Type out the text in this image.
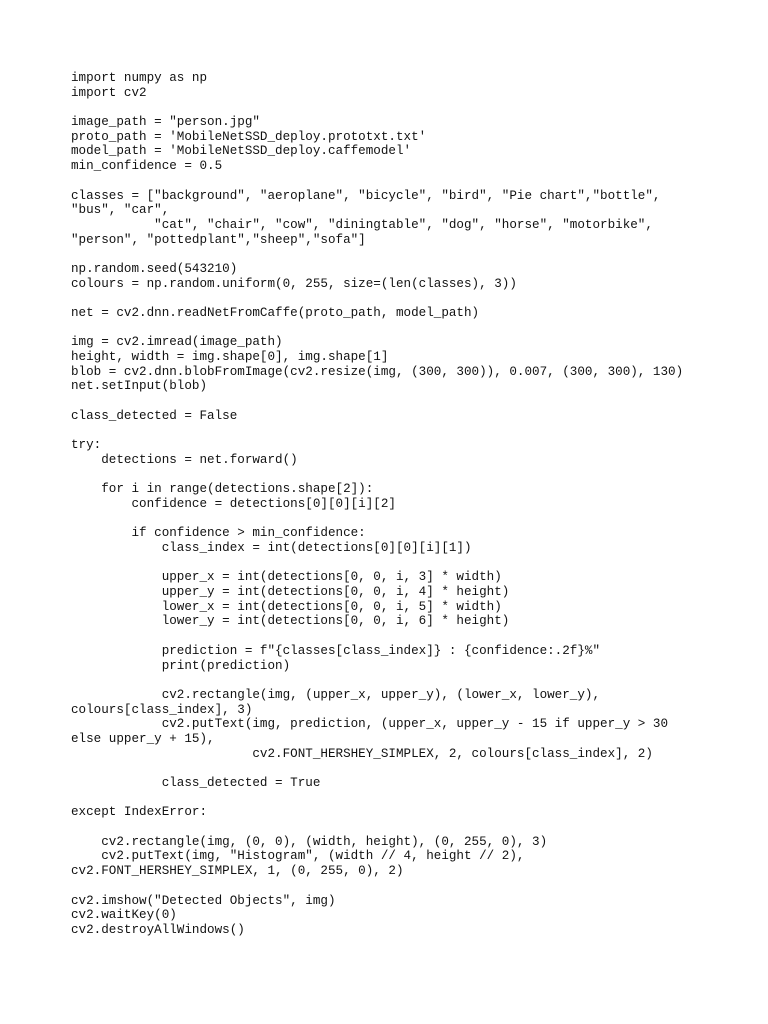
import numpy as np
import cv2
image_path = "person.jpg"
proto_path = 'MobileNetSSD_deploy.prototxt.txt'
model_path = 'MobileNetSSD_deploy.caffemodel'
min_confidence = 0.5
classes = ["background", "aeroplane", "bicycle", "bird", "Pie chart","bottle",
"bus", "car",
"cat", "chair", "cow", "diningtable", "dog", "horse", "motorbike",
"person", "pottedplant","sheep","sofa"]
np.random.seed(543210)
colours = np.random.uniform(0, 255, size=(len(classes), 3))
net = cv2.dnn.readNetFromCaffe(proto_path, model_path)
img = cv2.imread(image_path)
height, width = img.shape[0], img.shape[1]
blob = cv2.dnn.blobFromImage(cv2.resize(img, (300, 300)), 0.007, (300, 300), 130)
net.setInput(blob)
class_detected = False
try:
detections = net.forward()
for i in range(detections.shape[2]):
confidence = detections[0][0][i][2]
if confidence > min_confidence:
class_index = int(detections[0][0][i][1])
upper_x = int(detections[0, 0, i, 3] * width)
upper_y = int(detections[0, 0, i, 4] * height)
lower_x = int(detections[0, 0, i, 5] * width)
lower_y = int(detections[0, 0, i, 6] * height)
prediction = f"{classes[class_index]} : {confidence:.2f}%"
print(prediction)
cv2.rectangle(img, (upper_x, upper_y), (lower_x, lower_y),
colours[class_index], 3)
cv2.putText(img, prediction, (upper_x, upper_y - 15 if upper_y > 30
else upper_y + 15),
cv2.FONT_HERSHEY_SIMPLEX, 2, colours[class_index], 2)
class_detected = True
except IndexError:
cv2.rectangle(img, (0, 0), (width, height), (0, 255, 0), 3)
cv2.putText(img, "Histogram", (width // 4, height // 2),
cv2.FONT_HERSHEY_SIMPLEX, 1, (0, 255, 0), 2)
cv2.imshow("Detected Objects", img)
cv2.waitKey(0)
cv2.destroyAllWindows()
